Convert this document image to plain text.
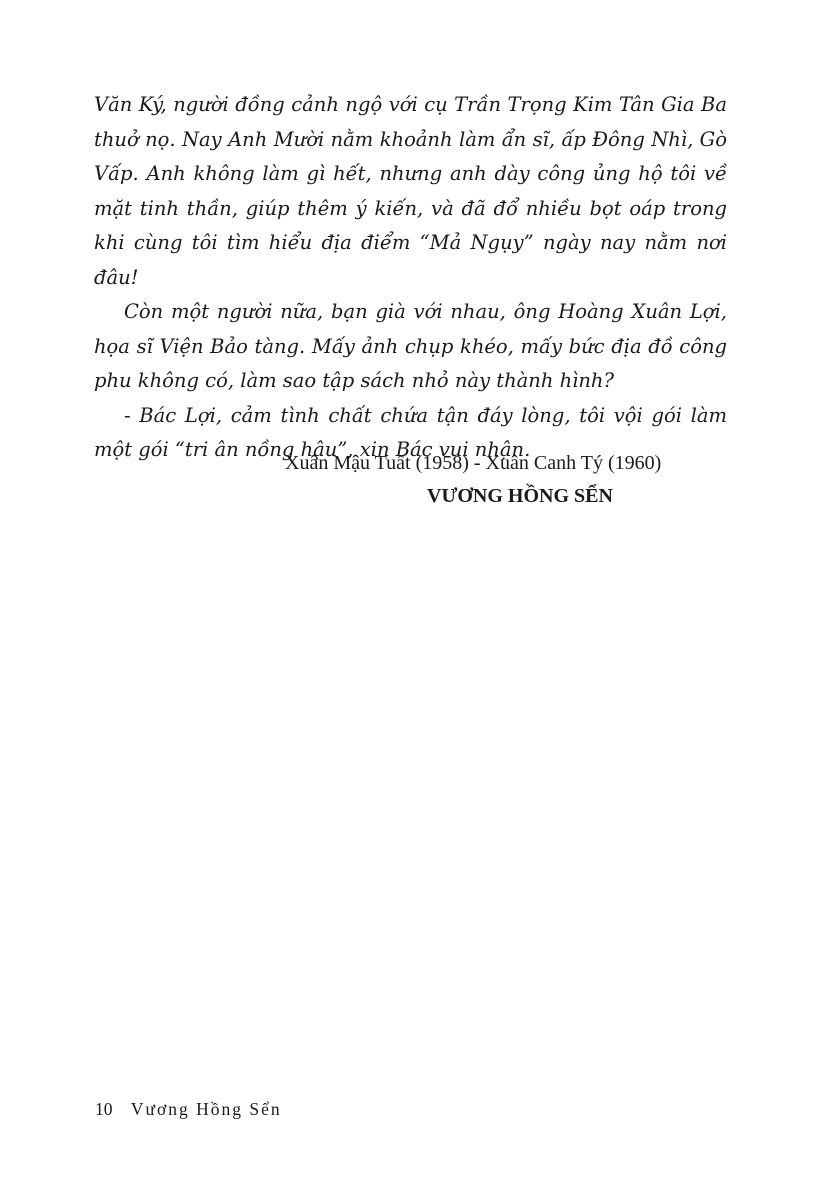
Văn Ký, người đồng cảnh ngộ với cụ Trần Trọng Kim Tân Gia Ba thuở nọ. Nay Anh Mười nằm khoảnh làm ẩn sĩ, ấp Đông Nhì, Gò Vấp. Anh không làm gì hết, nhưng anh dày công ủng hộ tôi về mặt tinh thần, giúp thêm ý kiến, và đã đổ nhiều bọt oáp trong khi cùng tôi tìm hiểu địa điểm “Mả Ngụy” ngày nay nằm nơi đâu!

Còn một người nữa, bạn già với nhau, ông Hoàng Xuân Lợi, họa sĩ Viện Bảo tàng. Mấy ảnh chụp khéo, mấy bức địa đồ công phu không có, làm sao tập sách nhỏ này thành hình?

- Bác Lợi, cảm tình chất chứa tận đáy lòng, tôi vội gói làm một gói “tri ân nồng hậu”, xin Bác vui nhận.

Xuân Mậu Tuất (1958) - Xuân Canh Tý (1960)
VƯƠNG HỒNG SỂN
10 Vương Hồng Sển
